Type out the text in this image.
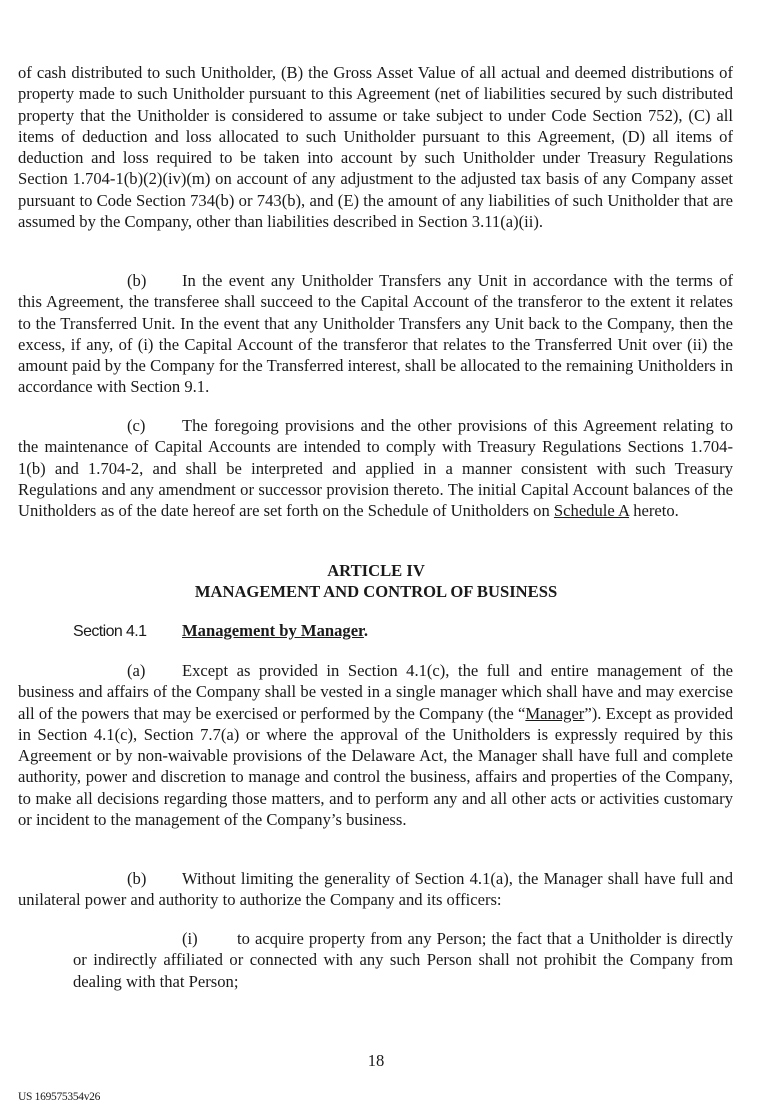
of cash distributed to such Unitholder, (B) the Gross Asset Value of all actual and deemed distributions of property made to such Unitholder pursuant to this Agreement (net of liabilities secured by such distributed property that the Unitholder is considered to assume or take subject to under Code Section 752), (C) all items of deduction and loss allocated to such Unitholder pursuant to this Agreement, (D) all items of deduction and loss required to be taken into account by such Unitholder under Treasury Regulations Section 1.704-1(b)(2)(iv)(m) on account of any adjustment to the adjusted tax basis of any Company asset pursuant to Code Section 734(b) or 743(b), and (E) the amount of any liabilities of such Unitholder that are assumed by the Company, other than liabilities described in Section 3.11(a)(ii).

(b) In the event any Unitholder Transfers any Unit in accordance with the terms of this Agreement, the transferee shall succeed to the Capital Account of the transferor to the extent it relates to the Transferred Unit. In the event that any Unitholder Transfers any Unit back to the Company, then the excess, if any, of (i) the Capital Account of the transferor that relates to the Transferred Unit over (ii) the amount paid by the Company for the Transferred interest, shall be allocated to the remaining Unitholders in accordance with Section 9.1.

(c) The foregoing provisions and the other provisions of this Agreement relating to the maintenance of Capital Accounts are intended to comply with Treasury Regulations Sections 1.704-1(b) and 1.704-2, and shall be interpreted and applied in a manner consistent with such Treasury Regulations and any amendment or successor provision thereto. The initial Capital Account balances of the Unitholders as of the date hereof are set forth on the Schedule of Unitholders on Schedule A hereto.

ARTICLE IV

MANAGEMENT AND CONTROL OF BUSINESS

Section 4.1 Management by Manager.

(a) Except as provided in Section 4.1(c), the full and entire management of the business and affairs of the Company shall be vested in a single manager which shall have and may exercise all of the powers that may be exercised or performed by the Company (the “Manager”). Except as provided in Section 4.1(c), Section 7.7(a) or where the approval of the Unitholders is expressly required by this Agreement or by non-waivable provisions of the Delaware Act, the Manager shall have full and complete authority, power and discretion to manage and control the business, affairs and properties of the Company, to make all decisions regarding those matters, and to perform any and all other acts or activities customary or incident to the management of the Company’s business.

(b) Without limiting the generality of Section 4.1(a), the Manager shall have full and unilateral power and authority to authorize the Company and its officers:

(i) to acquire property from any Person; the fact that a Unitholder is directly or indirectly affiliated or connected with any such Person shall not prohibit the Company from dealing with that Person;

18

US 169575354v26
